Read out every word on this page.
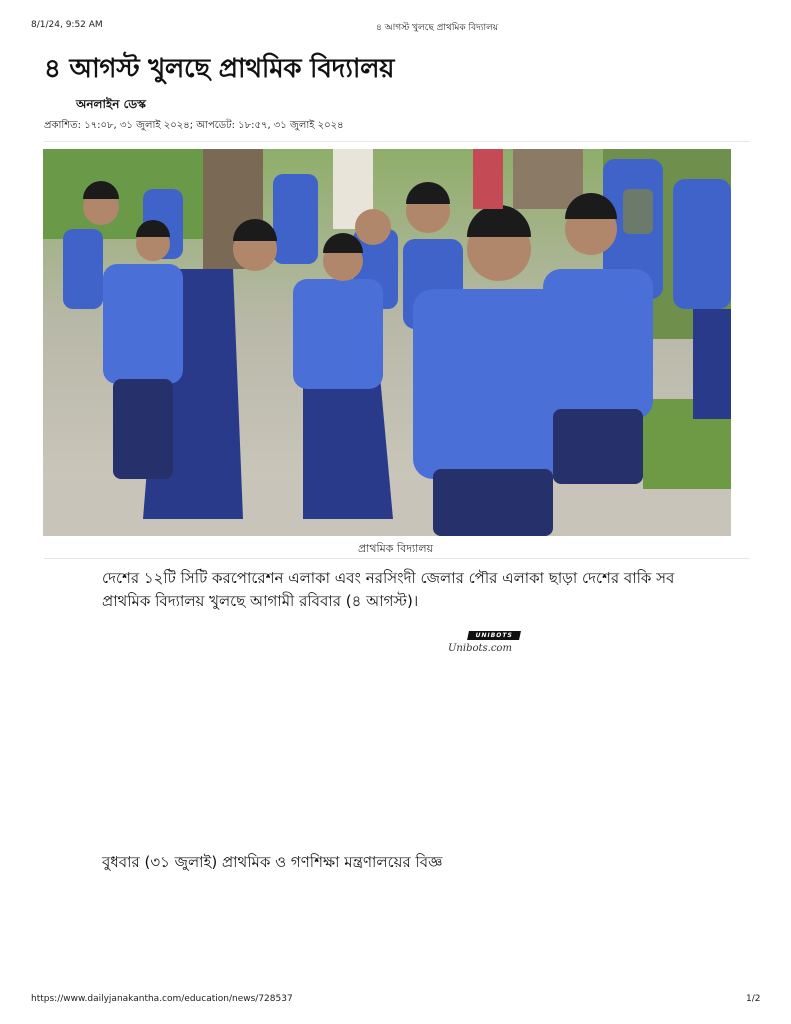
8/1/24, 9:52 AM	৪ আগস্ট খুলছে প্রাথমিক বিদ্যালয়
৪ আগস্ট খুলছে প্রাথমিক বিদ্যালয়
অনলাইন ডেস্ক
প্রকাশিত: ১৭:০৮, ৩১ জুলাই ২০২৪; আপডেট: ১৮:৫৭, ৩১ জুলাই ২০২৪
প্রাথমিক বিদ্যালয়

দেশের ১২টি সিটি করপোরেশন এলাকা এবং নরসিংদী জেলার পৌর এলাকা ছাড়া দেশের বাকি সব প্রাথমিক বিদ্যালয় খুলছে আগামী রবিবার (৪ আগস্ট)।

UNIBOTS
Unibots.com

বুধবার (৩১ জুলাই) প্রাথমিক ও গণশিক্ষা মন্ত্রণালয়ের বিজ্ঞ

https://www.dailyjanakantha.com/education/news/728537	1/2
